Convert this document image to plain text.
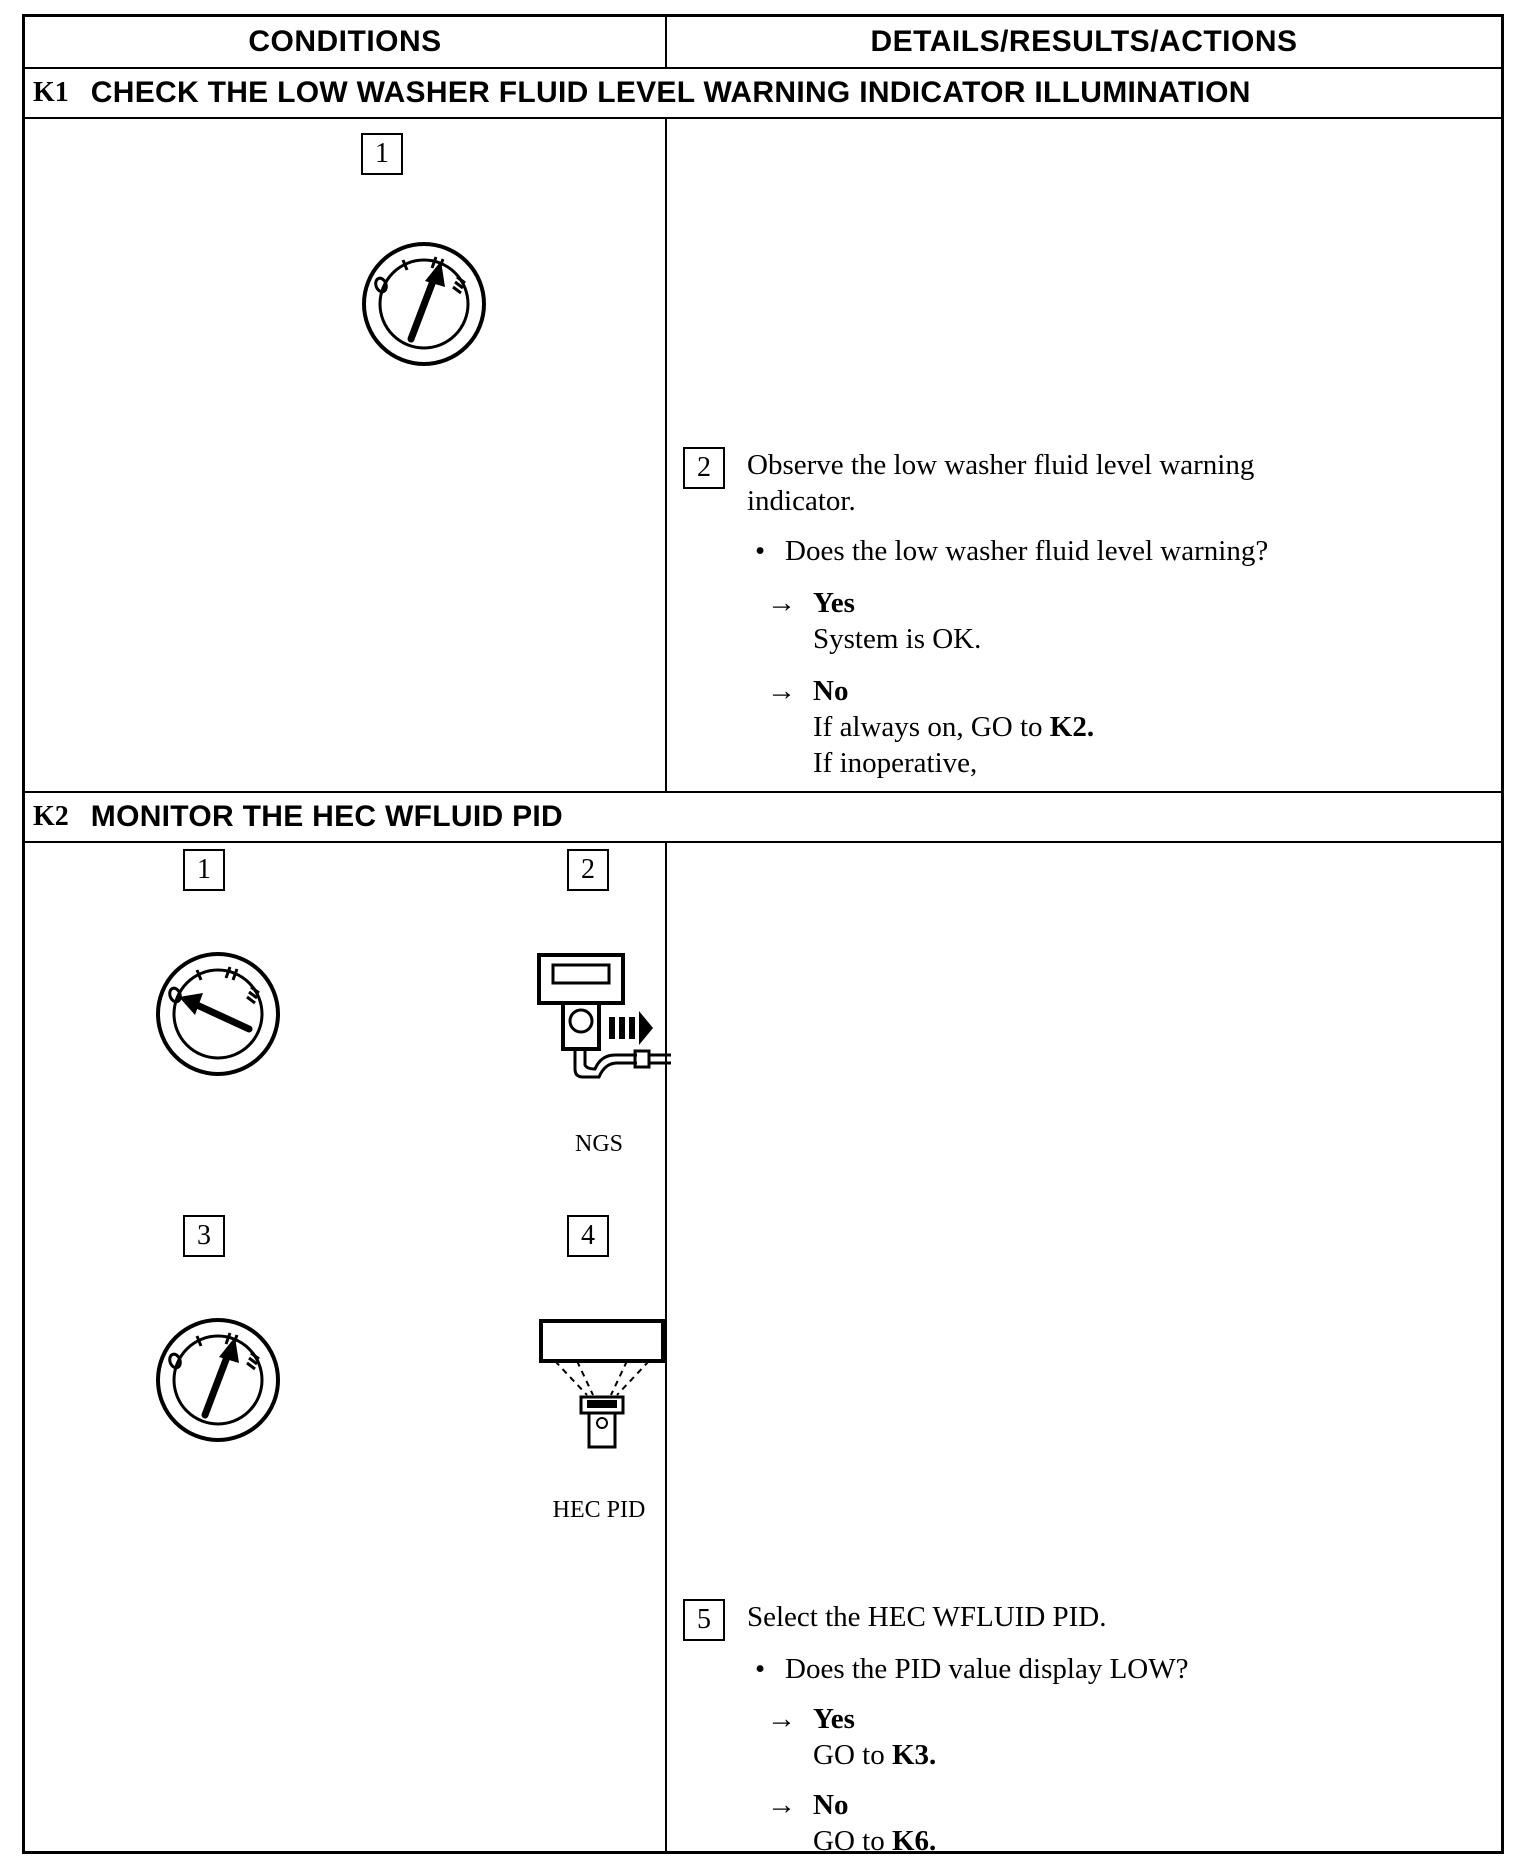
CONDITIONS	DETAILS/RESULTS/ACTIONS
K1 CHECK THE LOW WASHER FLUID LEVEL WARNING INDICATOR ILLUMINATION
1
2 Observe the low washer fluid level warning indicator.
• Does the low washer fluid level warning?
→ Yes
System is OK.
→ No
If always on, GO to K2.
If inoperative,
K2 MONITOR THE HEC WFLUID PID
1	2
NGS
3	4
HEC PID
5 Select the HEC WFLUID PID.
• Does the PID value display LOW?
→ Yes
GO to K3.
→ No
GO to K6.
